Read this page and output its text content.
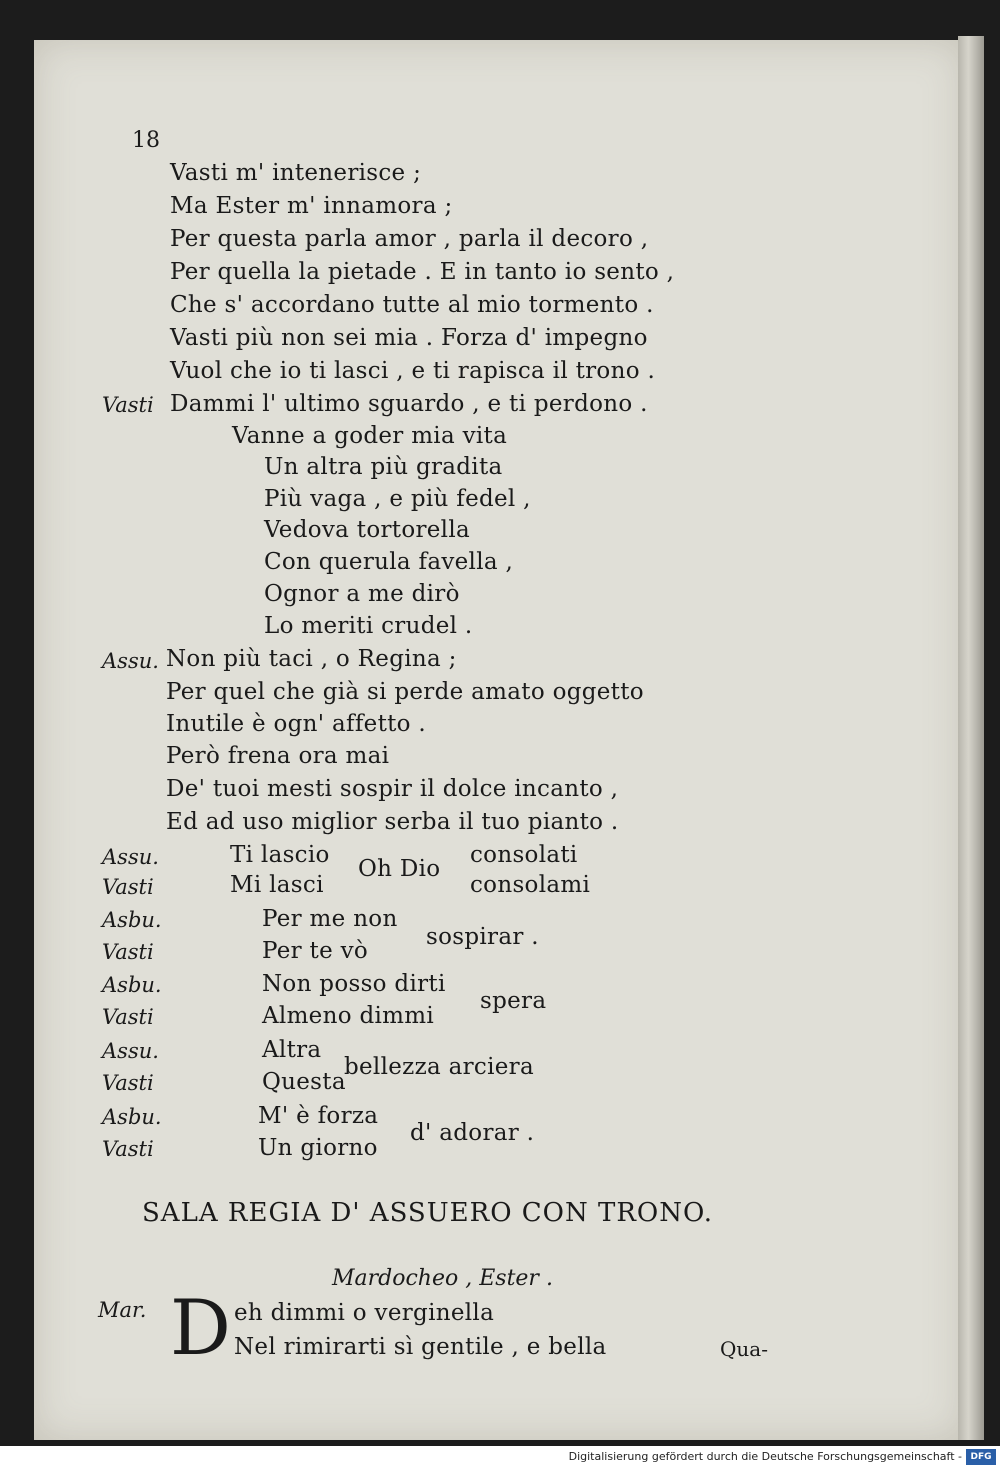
18
Vasti m' intenerisce ;
Ma Ester m' innamora ;
Per questa parla amor , parla il decoro ,
Per quella la pietade . E in tanto io sento ,
Che s' accordano tutte al mio tormento .
Vasti più non sei mia . Forza d' impegno
Vuol che io ti lasci , e ti rapisca il trono .
Vasti Dammi l' ultimo sguardo , e ti perdono .
Vanne a goder mia vita
Un altra più gradita
Più vaga , e più fedel ,
Vedova tortorella
Con querula favella ,
Ognor a me dirò
Lo meriti crudel .
Assu. Non più taci , o Regina ;
Per quel che già si perde amato oggetto
Inutile è ogn' affetto .
Però frena ora mai
De' tuoi mesti sospir il dolce incanto ,
Ed ad uso miglior serba il tuo pianto .
Assu.
Vasti
Ti lascio
Mi lasci
Oh Dio
consolati
consolami
Asbu.
Vasti
Per me non
Per te vò
sospirar .
Asbu.
Vasti
Non posso dirti
Almeno dimmi
spera
Assu.
Vasti
Altra
Questa
bellezza arciera
Asbu.
Vasti
M' è forza
Un giorno
d' adorar .
SALA REGIA D' ASSUERO CON TRONO.
Mardocheo , Ester .
Mar. D eh dimmi o verginella
Nel rimirarti sì gentile , e bella	Qua-
Digitalisierung gefördert durch die Deutsche Forschungsgemeinschaft - DFG
